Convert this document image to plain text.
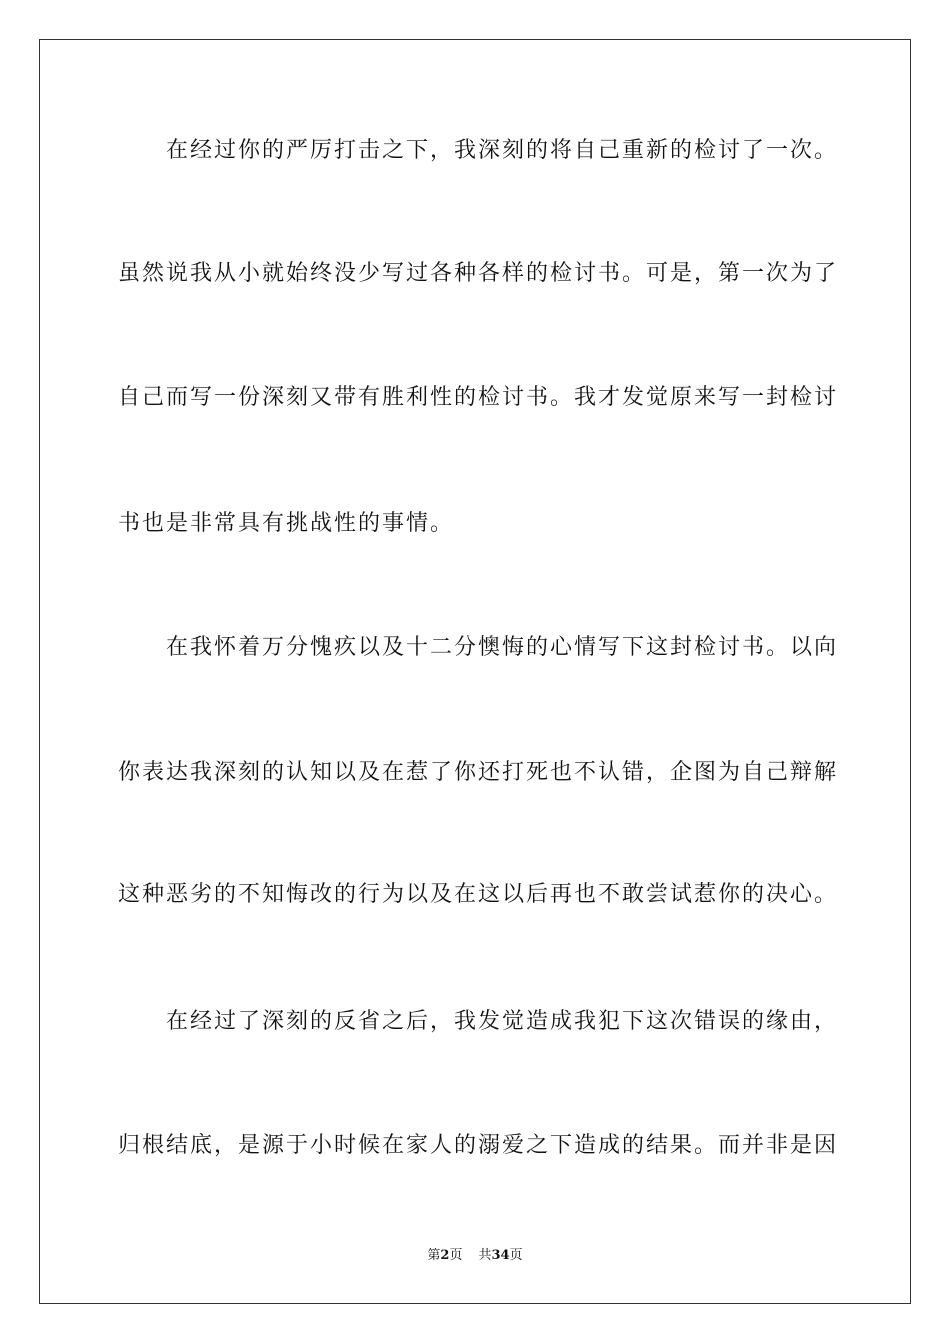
　　在经过你的严厉打击之下，我深刻的将自己重新的检讨了一次。
虽然说我从小就始终没少写过各种各样的检讨书。可是，第一次为了
自己而写一份深刻又带有胜利性的检讨书。我才发觉原来写一封检讨
书也是非常具有挑战性的事情。
　　在我怀着万分愧疚以及十二分懊悔的心情写下这封检讨书。以向
你表达我深刻的认知以及在惹了你还打死也不认错，企图为自己辩解
这种恶劣的不知悔改的行为以及在这以后再也不敢尝试惹你的决心。
　　在经过了深刻的反省之后，我发觉造成我犯下这次错误的缘由，
归根结底，是源于小时候在家人的溺爱之下造成的结果。而并非是因
第2页 共34页
